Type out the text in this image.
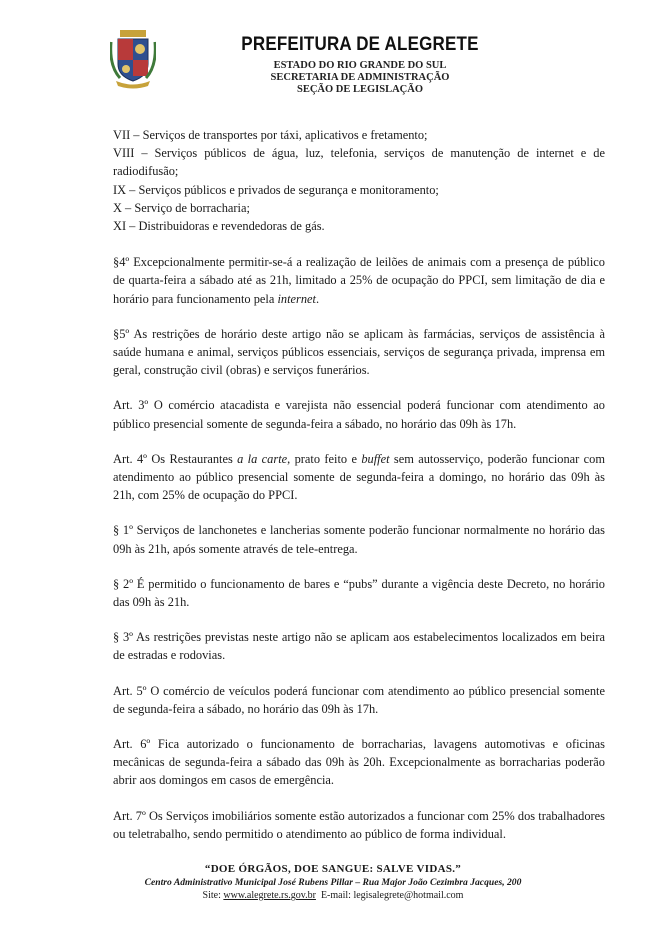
PREFEITURA DE ALEGRETE
ESTADO DO RIO GRANDE DO SUL
SECRETARIA DE ADMINISTRAÇÃO
SEÇÃO DE LEGISLAÇÃO
VII – Serviços de transportes por táxi, aplicativos e fretamento;
VIII – Serviços públicos de água, luz, telefonia, serviços de manutenção de internet e de radiodifusão;
IX – Serviços públicos e privados de segurança e monitoramento;
X – Serviço de borracharia;
XI – Distribuidoras e revendedoras de gás.

§4º Excepcionalmente permitir-se-á a realização de leilões de animais com a presença de público de quarta-feira a sábado até as 21h, limitado a 25% de ocupação do PPCI, sem limitação de dia e horário para funcionamento pela internet.

§5º As restrições de horário deste artigo não se aplicam às farmácias, serviços de assistência à saúde humana e animal, serviços públicos essenciais, serviços de segurança privada, imprensa em geral, construção civil (obras) e serviços funerários.

Art. 3º O comércio atacadista e varejista não essencial poderá funcionar com atendimento ao público presencial somente de segunda-feira a sábado, no horário das 09h às 17h.

Art. 4º Os Restaurantes a la carte, prato feito e buffet sem autosserviço, poderão funcionar com atendimento ao público presencial somente de segunda-feira a domingo, no horário das 09h às 21h, com 25% de ocupação do PPCI.

§ 1º Serviços de lanchonetes e lancherias somente poderão funcionar normalmente no horário das 09h às 21h, após somente através de tele-entrega.

§ 2º É permitido o funcionamento de bares e “pubs” durante a vigência deste Decreto, no horário das 09h às 21h.

§ 3º As restrições previstas neste artigo não se aplicam aos estabelecimentos localizados em beira de estradas e rodovias.

Art. 5º O comércio de veículos poderá funcionar com atendimento ao público presencial somente de segunda-feira a sábado, no horário das 09h às 17h.

Art. 6º Fica autorizado o funcionamento de borracharias, lavagens automotivas e oficinas mecânicas de segunda-feira a sábado das 09h às 20h. Excepcionalmente as borracharias poderão abrir aos domingos em casos de emergência.

Art. 7º Os Serviços imobiliários somente estão autorizados a funcionar com 25% dos trabalhadores ou teletrabalho, sendo permitido o atendimento ao público de forma individual.

“DOE ÓRGÃOS, DOE SANGUE: SALVE VIDAS.”
Centro Administrativo Municipal José Rubens Pillar – Rua Major João Cezimbra Jacques, 200
Site: www.alegrete.rs.gov.br E-mail: legisalegrete@hotmail.com
